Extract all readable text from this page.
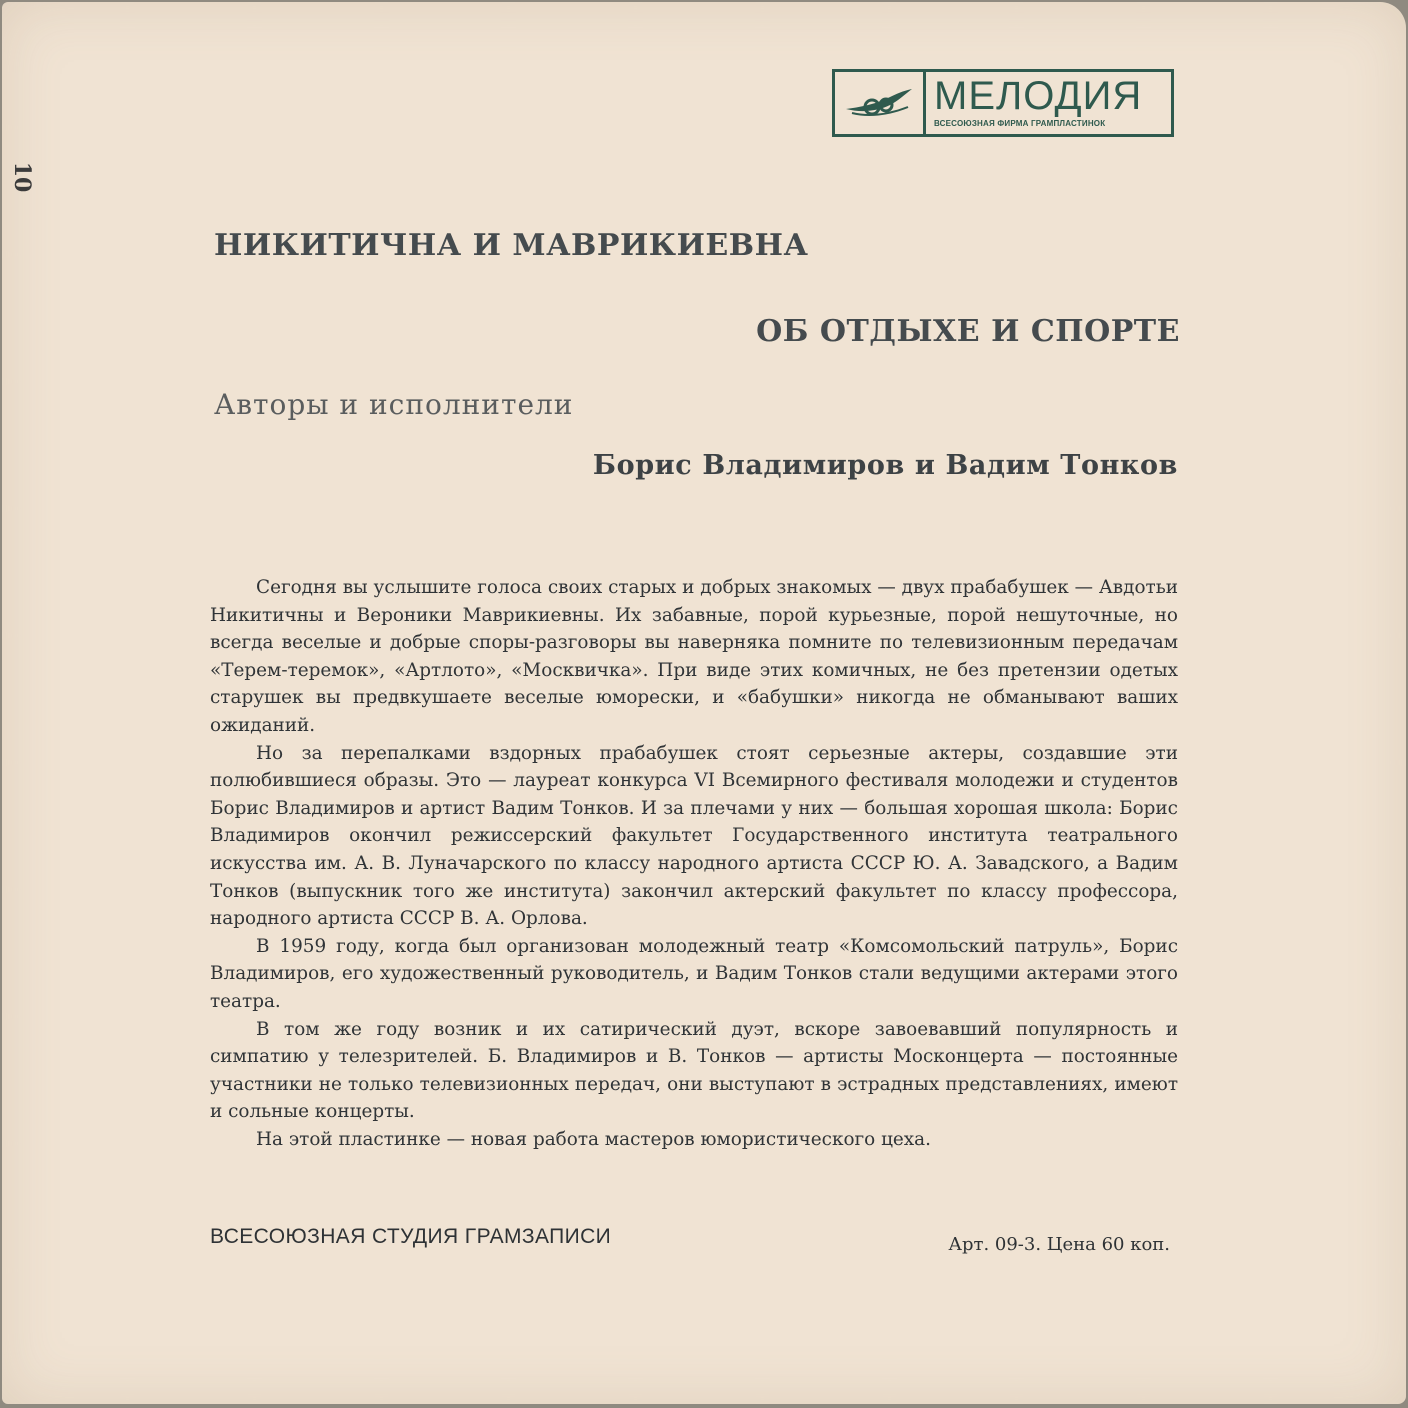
10
МЕЛОДИЯ
ВСЕСОЮЗНАЯ ФИРМА ГРАМПЛАСТИНОК
НИКИТИЧНА И МАВРИКИЕВНА
ОБ ОТДЫХЕ И СПОРТЕ
Авторы и исполнители
Борис Владимиров и Вадим Тонков

Сегодня вы услышите голоса своих старых и добрых знакомых — двух прабабушек — Авдотьи Никитичны и Вероники Маврикиевны. Их забавные, порой курьезные, порой нешуточные, но всегда веселые и добрые споры-разговоры вы наверняка помните по телевизионным передачам «Терем-теремок», «Артлото», «Москвичка». При виде этих комичных, не без претензии одетых старушек вы предвкушаете веселые юморески, и «бабушки» никогда не обманывают ваших ожиданий.

Но за перепалками вздорных прабабушек стоят серьезные актеры, создавшие эти полюбившиеся образы. Это — лауреат конкурса VI Всемирного фестиваля молодежи и студентов Борис Владимиров и артист Вадим Тонков. И за плечами у них — большая хорошая школа: Борис Владимиров окончил режиссерский факультет Государственного института театрального искусства им. А. В. Луначарского по классу народного артиста СССР Ю. А. Завадского, а Вадим Тонков (выпускник того же института) закончил актерский факультет по классу профессора, народного артиста СССР В. А. Орлова.

В 1959 году, когда был организован молодежный театр «Комсомольский патруль», Борис Владимиров, его художественный руководитель, и Вадим Тонков стали ведущими актерами этого театра.

В том же году возник и их сатирический дуэт, вскоре завоевавший популярность и симпатию у телезрителей. Б. Владимиров и В. Тонков — артисты Москонцерта — постоянные участники не только телевизионных передач, они выступают в эстрадных представлениях, имеют и сольные концерты.

На этой пластинке — новая работа мастеров юмористического цеха.

ВСЕСОЮЗНАЯ СТУДИЯ ГРАМЗАПИСИ	Арт. 09-3. Цена 60 коп.
